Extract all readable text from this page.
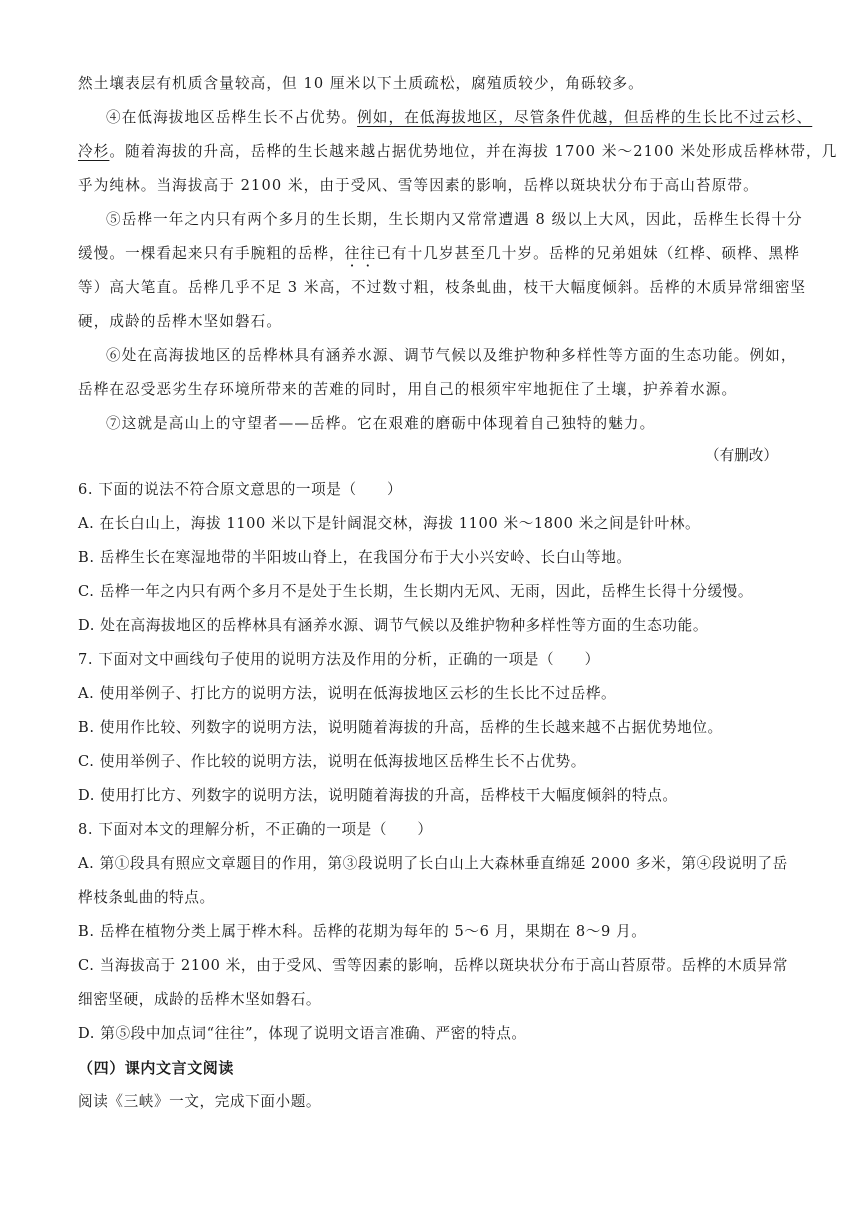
然土壤表层有机质含量较高，但 10 厘米以下土质疏松，腐殖质较少，角砾较多。
④在低海拔地区岳桦生长不占优势。例如，在低海拔地区，尽管条件优越，但岳桦的生长比不过云杉、
冷杉。随着海拔的升高，岳桦的生长越来越占据优势地位，并在海拔 1700 米～2100 米处形成岳桦林带，几
乎为纯林。当海拔高于 2100 米，由于受风、雪等因素的影响，岳桦以斑块状分布于高山苔原带。
⑤岳桦一年之内只有两个多月的生长期，生长期内又常常遭遇 8 级以上大风，因此，岳桦生长得十分
缓慢。一棵看起来只有手腕粗的岳桦，往往已有十几岁甚至几十岁。岳桦的兄弟姐妹（红桦、硕桦、黑桦
等）高大笔直。岳桦几乎不足 3 米高，不过数寸粗，枝条虬曲，枝干大幅度倾斜。岳桦的木质异常细密坚
硬，成龄的岳桦木坚如磐石。
⑥处在高海拔地区的岳桦林具有涵养水源、调节气候以及维护物种多样性等方面的生态功能。例如，
岳桦在忍受恶劣生存环境所带来的苦难的同时，用自己的根须牢牢地扼住了土壤，护养着水源。
⑦这就是高山上的守望者——岳桦。它在艰难的磨砺中体现着自己独特的魅力。
（有删改）
6. 下面的说法不符合原文意思的一项是（　　）
A. 在长白山上，海拔 1100 米以下是针阔混交林，海拔 1100 米～1800 米之间是针叶林。
B. 岳桦生长在寒湿地带的半阳坡山脊上，在我国分布于大小兴安岭、长白山等地。
C. 岳桦一年之内只有两个多月不是处于生长期，生长期内无风、无雨，因此，岳桦生长得十分缓慢。
D. 处在高海拔地区的岳桦林具有涵养水源、调节气候以及维护物种多样性等方面的生态功能。
7. 下面对文中画线句子使用的说明方法及作用的分析，正确的一项是（　　）
A. 使用举例子、打比方的说明方法，说明在低海拔地区云杉的生长比不过岳桦。
B. 使用作比较、列数字的说明方法，说明随着海拔的升高，岳桦的生长越来越不占据优势地位。
C. 使用举例子、作比较的说明方法，说明在低海拔地区岳桦生长不占优势。
D. 使用打比方、列数字的说明方法，说明随着海拔的升高，岳桦枝干大幅度倾斜的特点。
8. 下面对本文的理解分析，不正确的一项是（　　）
A. 第①段具有照应文章题目的作用，第③段说明了长白山上大森林垂直绵延 2000 多米，第④段说明了岳
桦枝条虬曲的特点。
B. 岳桦在植物分类上属于桦木科。岳桦的花期为每年的 5～6 月，果期在 8～9 月。
C. 当海拔高于 2100 米，由于受风、雪等因素的影响，岳桦以斑块状分布于高山苔原带。岳桦的木质异常
细密坚硬，成龄的岳桦木坚如磐石。
D. 第⑤段中加点词“往往”，体现了说明文语言准确、严密的特点。
（四）课内文言文阅读
阅读《三峡》一文，完成下面小题。
